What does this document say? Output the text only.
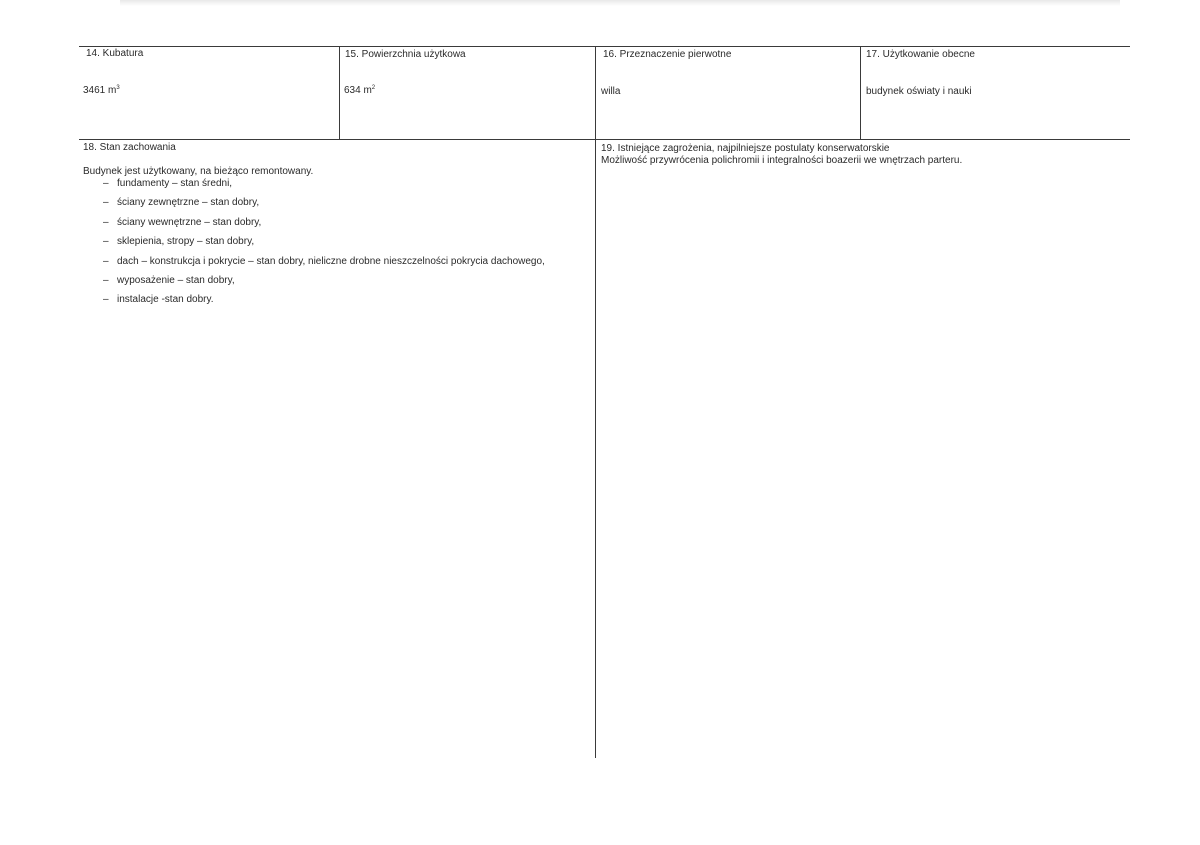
14. Kubatura
3461 $m^3$
15. Powierzchnia użytkowa
634 $m^2$
16. Przeznaczenie pierwotne
willa
17. Użytkowanie obecne
budynek oświaty i nauki
18. Stan zachowania
Budynek jest użytkowany, na bieżąco remontowany.
– fundamenty – stan średni,
– ściany zewnętrzne – stan dobry,
– ściany wewnętrzne – stan dobry,
– sklepienia, stropy – stan dobry,
– dach – konstrukcja i pokrycie – stan dobry, nieliczne drobne nieszczelności pokrycia dachowego,
– wyposażenie – stan dobry,
– instalacje -stan dobry.
19. Istniejące zagrożenia, najpilniejsze postulaty konserwatorskie
Możliwość przywrócenia polichromii i integralności boazerii we wnętrzach parteru.
